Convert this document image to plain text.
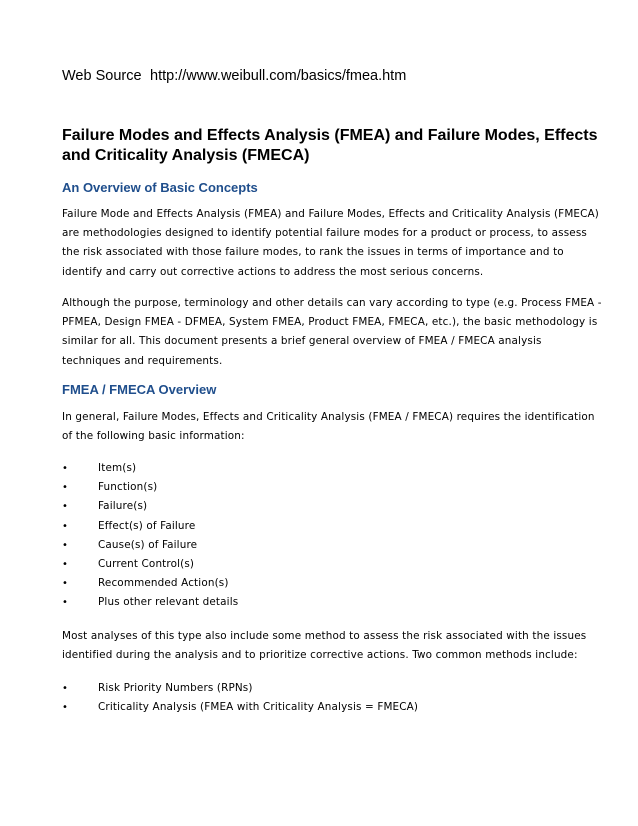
Web Source http://www.weibull.com/basics/fmea.htm
Failure Modes and Effects Analysis (FMEA) and Failure Modes, Effects and Criticality Analysis (FMECA)
An Overview of Basic Concepts

Failure Mode and Effects Analysis (FMEA) and Failure Modes, Effects and Criticality Analysis (FMECA) are methodologies designed to identify potential failure modes for a product or process, to assess the risk associated with those failure modes, to rank the issues in terms of importance and to identify and carry out corrective actions to address the most serious concerns.

Although the purpose, terminology and other details can vary according to type (e.g. Process FMEA - PFMEA, Design FMEA - DFMEA, System FMEA, Product FMEA, FMECA, etc.), the basic methodology is similar for all. This document presents a brief general overview of FMEA / FMECA analysis techniques and requirements.

FMEA / FMECA Overview

In general, Failure Modes, Effects and Criticality Analysis (FMEA / FMECA) requires the identification of the following basic information:

•	Item(s)
•	Function(s)
•	Failure(s)
•	Effect(s) of Failure
•	Cause(s) of Failure
•	Current Control(s)
•	Recommended Action(s)
•	Plus other relevant details

Most analyses of this type also include some method to assess the risk associated with the issues identified during the analysis and to prioritize corrective actions. Two common methods include:

•	Risk Priority Numbers (RPNs)
•	Criticality Analysis (FMEA with Criticality Analysis = FMECA)
